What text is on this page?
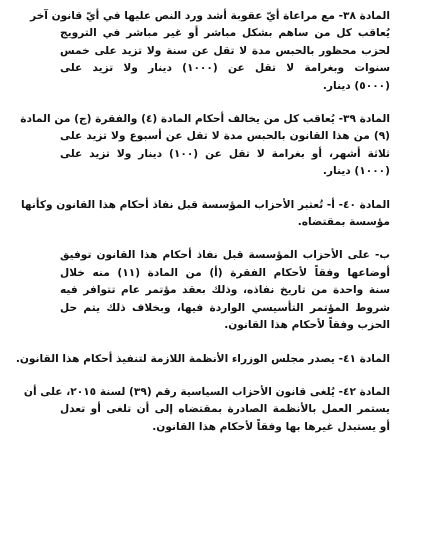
المادة ٣٨- مع مراعاة أيّ عقوبة أشد ورد النص عليها في أيّ قانون آخر
يُعاقب كل من ساهم بشكل مباشر أو غير مباشر في الترويج
لحزب محظور بالحبس مدة لا تقل عن سنة ولا تزيد على خمس
سنوات وبغرامة لا تقل عن (١٠٠٠) دينار ولا تزيد على
(٥٠٠٠) دينار.

المادة ٣٩- يُعاقب كل من يخالف أحكام المادة (٤) والفقرة (ج) من المادة
(٩) من هذا القانون بالحبس مدة لا تقل عن أسبوع ولا تزيد على
ثلاثة أشهر، أو بغرامة لا تقل عن (١٠٠) دينار ولا تزيد على
(١٠٠٠) دينار.

المادة ٤٠- أ- تُعتبر الأحزاب المؤسسة قبل نفاذ أحكام هذا القانون وكأنها
مؤسسة بمقتضاه.

ب- على الأحزاب المؤسسة قبل نفاذ أحكام هذا القانون توفيق
أوضاعها وفقاً لأحكام الفقرة (أ) من المادة (١١) منه خلال
سنة واحدة من تاريخ نفاذه، وذلك بعقد مؤتمر عام تتوافر فيه
شروط المؤتمر التأسيسي الواردة فيها، وبخلاف ذلك يتم حل
الحزب وفقاً لأحكام هذا القانون.

المادة ٤١- يصدر مجلس الوزراء الأنظمة اللازمة لتنفيذ أحكام هذا القانون.

المادة ٤٢- يُلغى قانون الأحزاب السياسية رقم (٣٩) لسنة ٢٠١٥، على أن
يستمر العمل بالأنظمة الصادرة بمقتضاه إلى أن تلغى أو تعدل
أو يستبدل غيرها بها وفقاً لأحكام هذا القانون.
